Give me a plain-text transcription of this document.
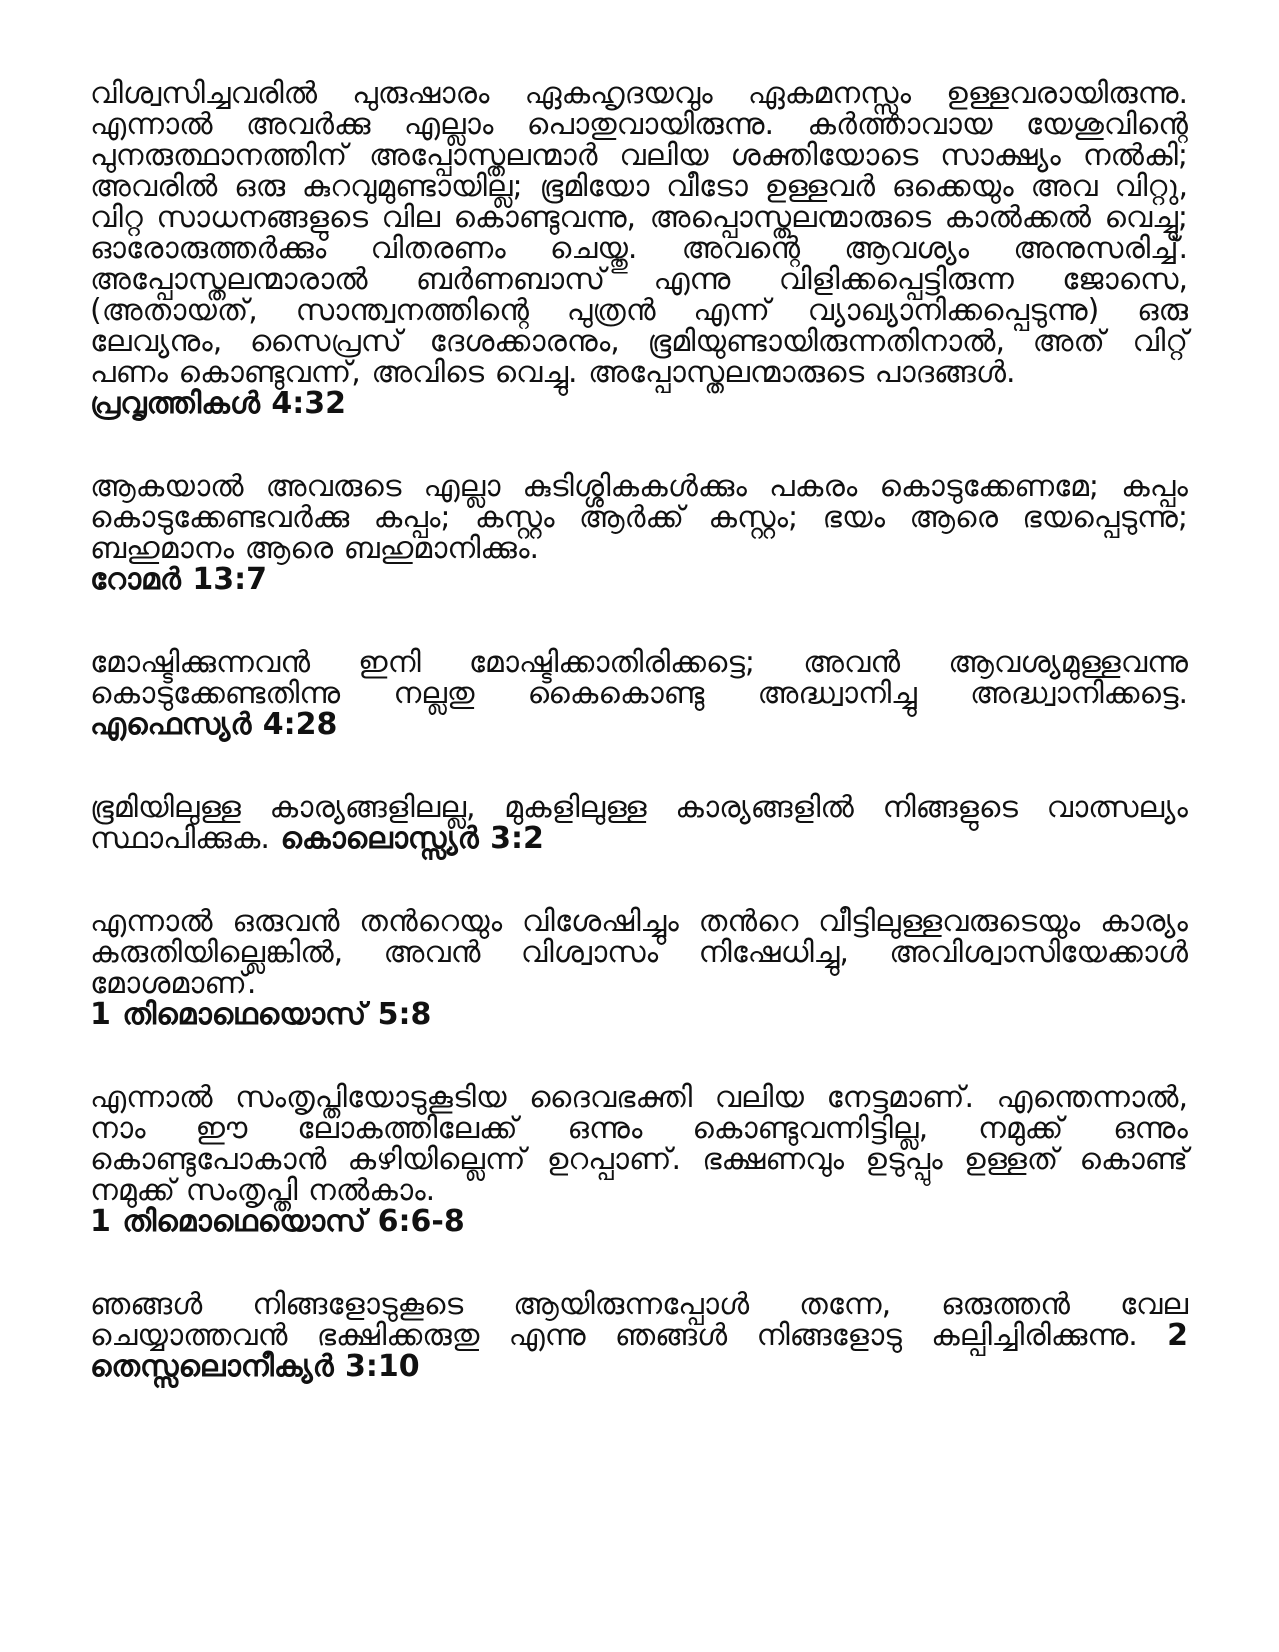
വിശ്വസിച്ചവരിൽ പുരുഷാരം ഏകഹൃദയവും ഏകമനസ്സും ഉള്ളവരായിരുന്നു. എന്നാൽ അവർക്കു എല്ലാം പൊതുവായിരുന്നു. കർത്താവായ യേശുവിന്റെ പുനരുത്ഥാനത്തിന് അപ്പോസ്തലന്മാർ വലിയ ശക്തിയോടെ സാക്ഷ്യം നൽകി; അവരിൽ ഒരു കുറവുമുണ്ടായില്ല; ഭൂമിയോ വീടോ ഉള്ളവർ ഒക്കെയും അവ വിറ്റു, വിറ്റ സാധനങ്ങളുടെ വില കൊണ്ടുവന്നു, അപ്പൊസ്തലന്മാരുടെ കാൽക്കൽ വെച്ചു; ഓരോരുത്തർക്കും വിതരണം ചെയ്തു. അവന്റെ ആവശ്യം അനുസരിച്ച്. അപ്പോസ്തലന്മാരാൽ ബർണബാസ് എന്നു വിളിക്കപ്പെട്ടിരുന്ന ജോസെ, (അതായത്, സാന്ത്വനത്തിന്റെ പുത്രൻ എന്ന് വ്യാഖ്യാനിക്കപ്പെടുന്നു) ഒരു ലേവ്യനും, സൈപ്രസ് ദേശക്കാരനും, ഭൂമിയുണ്ടായിരുന്നതിനാൽ, അത് വിറ്റ് പണം കൊണ്ടുവന്ന്, അവിടെ വെച്ചു. അപ്പോസ്തലന്മാരുടെ പാദങ്ങൾ.
പ്രവൃത്തികൾ 4:32

ആകയാൽ അവരുടെ എല്ലാ കുടിശ്ശികകൾക്കും പകരം കൊടുക്കേണമേ; കപ്പം കൊടുക്കേണ്ടവർക്കു കപ്പം; കസ്റ്റം ആർക്ക് കസ്റ്റം; ഭയം ആരെ ഭയപ്പെടുന്നു; ബഹുമാനം ആരെ ബഹുമാനിക്കും.
റോമർ 13:7

മോഷ്ടിക്കുന്നവൻ ഇനി മോഷ്ടിക്കാതിരിക്കട്ടെ; അവൻ ആവശ്യമുള്ളവന്നു കൊടുക്കേണ്ടതിന്നു നല്ലതു കൈകൊണ്ടു അദ്ധ്വാനിച്ചു അദ്ധ്വാനിക്കട്ടെ. എഫെസ്യർ 4:28

ഭൂമിയിലുള്ള കാര്യങ്ങളിലല്ല, മുകളിലുള്ള കാര്യങ്ങളിൽ നിങ്ങളുടെ വാത്സല്യം സ്ഥാപിക്കുക. കൊലൊസ്സ്യർ 3:2

എന്നാൽ ഒരുവൻ തൻറെയും വിശേഷിച്ചും തൻറെ വീട്ടിലുള്ളവരുടെയും കാര്യം കരുതിയില്ലെങ്കിൽ, അവൻ വിശ്വാസം നിഷേധിച്ചു, അവിശ്വാസിയേക്കാൾ മോശമാണ്.
1 തിമൊഥെയൊസ് 5:8

എന്നാൽ സംതൃപ്തിയോടുകൂടിയ ദൈവഭക്തി വലിയ നേട്ടമാണ്. എന്തെന്നാൽ, നാം ഈ ലോകത്തിലേക്ക് ഒന്നും കൊണ്ടുവന്നിട്ടില്ല, നമുക്ക് ഒന്നും കൊണ്ടുപോകാൻ കഴിയില്ലെന്ന് ഉറപ്പാണ്. ഭക്ഷണവും ഉടുപ്പും ഉള്ളത് കൊണ്ട് നമുക്ക് സംതൃപ്തി നൽകാം.
1 തിമൊഥെയൊസ് 6:6-8

ഞങ്ങൾ നിങ്ങളോടുകൂടെ ആയിരുന്നപ്പോൾ തന്നേ, ഒരുത്തൻ വേല ചെയ്യാത്തവൻ ഭക്ഷിക്കരുതു എന്നു ഞങ്ങൾ നിങ്ങളോടു കല്പിച്ചിരിക്കുന്നു. 2 തെസ്സലൊനീക്യർ 3:10
